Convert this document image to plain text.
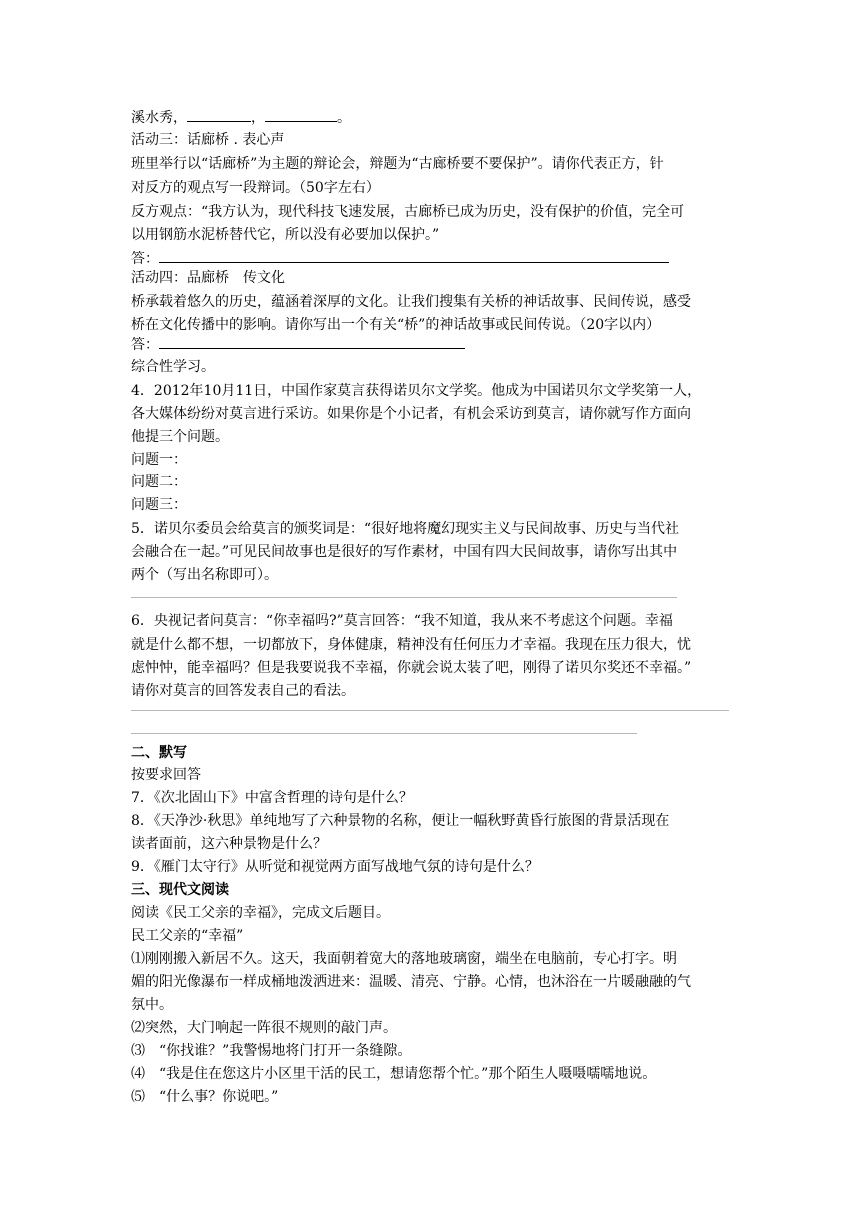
溪水秀，	，	。
活动三：话廊桥 . 表心声
班里举行以“话廊桥”为主题的辩论会，辩题为“古廊桥要不要保护”。请你代表正方，针
对反方的观点写一段辩词。（50字左右）
反方观点：“我方认为，现代科技飞速发展，古廊桥已成为历史，没有保护的价值，完全可
以用钢筋水泥桥替代它，所以没有必要加以保护。”
答：
活动四：品廊桥　传文化
桥承载着悠久的历史，蕴涵着深厚的文化。让我们搜集有关桥的神话故事、民间传说，感受
桥在文化传播中的影响。请你写出一个有关“桥”的神话故事或民间传说。（20字以内）
答：
综合性学习。
4．2012年10月11日，中国作家莫言获得诺贝尔文学奖。他成为中国诺贝尔文学奖第一人，
各大媒体纷纷对莫言进行采访。如果你是个小记者，有机会采访到莫言，请你就写作方面向
他提三个问题。
问题一：
问题二：
问题三：
5．诺贝尔委员会给莫言的颁奖词是：“很好地将魔幻现实主义与民间故事、历史与当代社
会融合在一起。”可见民间故事也是很好的写作素材，中国有四大民间故事，请你写出其中
两个（写出名称即可）。
6．央视记者问莫言：“你幸福吗?”莫言回答：“我不知道，我从来不考虑这个问题。幸福
就是什么都不想，一切都放下，身体健康，精神没有任何压力才幸福。我现在压力很大，忧
虑忡忡，能幸福吗？但是我要说我不幸福，你就会说太装了吧，刚得了诺贝尔奖还不幸福。”
请你对莫言的回答发表自己的看法。
二、默写
按要求回答
7．《次北固山下》中富含哲理的诗句是什么？
8．《天净沙·秋思》单纯地写了六种景物的名称，便让一幅秋野黄昏行旅图的背景活现在
读者面前，这六种景物是什么？
9．《雁门太守行》从听觉和视觉两方面写战地气氛的诗句是什么？
三、现代文阅读
阅读《民工父亲的幸福》，完成文后题目。
民工父亲的“幸福”
⑴刚刚搬入新居不久。这天，我面朝着宽大的落地玻璃窗，端坐在电脑前，专心打字。明
媚的阳光像瀑布一样成桶地泼洒进来：温暖、清亮、宁静。心情，也沐浴在一片暖融融的气
氛中。
⑵突然，大门响起一阵很不规则的敲门声。
⑶　“你找谁？”我警惕地将门打开一条缝隙。
⑷　“我是住在您这片小区里干活的民工，想请您帮个忙。”那个陌生人嗫嗫嚅嚅地说。
⑸　“什么事？你说吧。”
